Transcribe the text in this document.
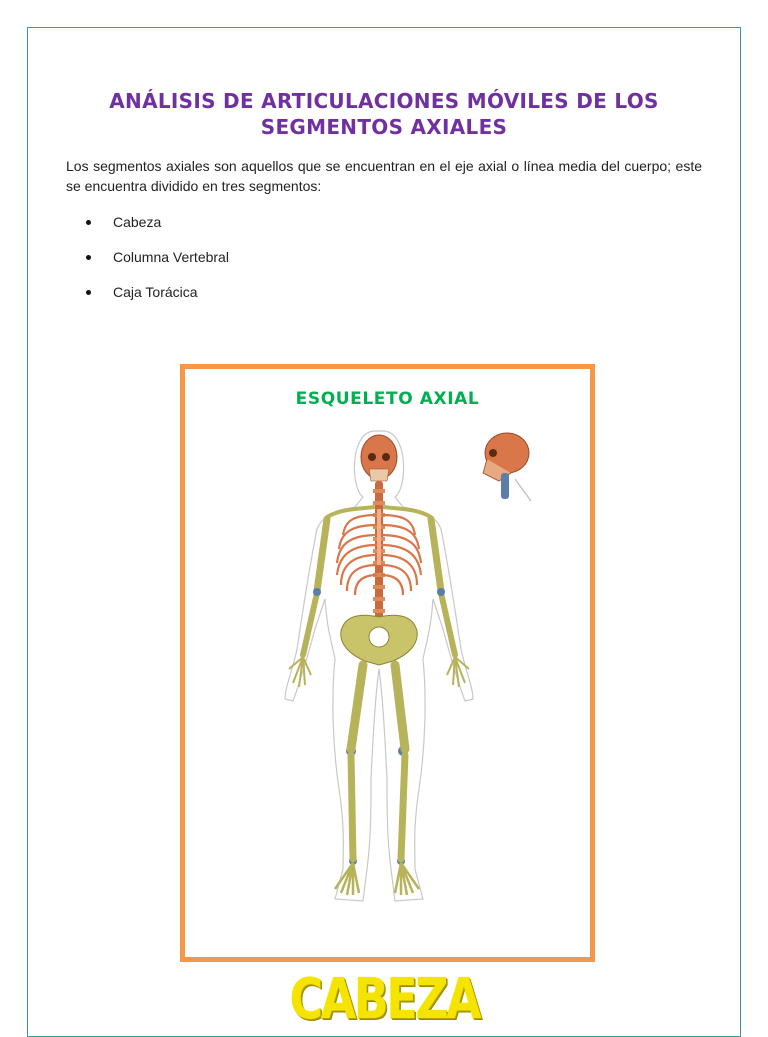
ANÁLISIS DE ARTICULACIONES MÓVILES DE LOS SEGMENTOS AXIALES

Los segmentos axiales son aquellos que se encuentran en el eje axial o línea media del cuerpo; este se encuentra dividido en tres segmentos:

Cabeza
Columna Vertebral
Caja Torácica
ESQUELETO AXIAL
CABEZA
